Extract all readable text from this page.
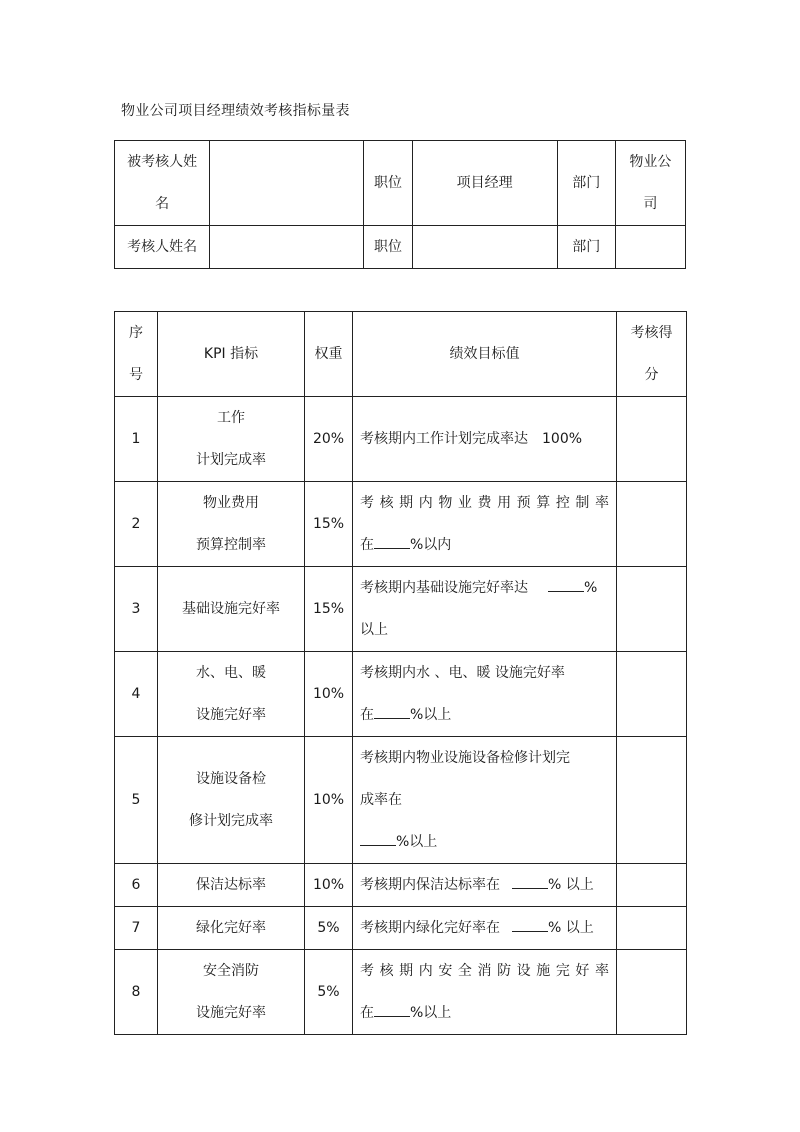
物业公司项目经理绩效考核指标量表
被考核人姓
名		职位	项目经理	部门	物业公
司

考核人姓名		职位		部门	
序
号	KPI 指标	权重	绩效目标值	考核得
分

1	工作
计划完成率	20%	考核期内工作计划完成率达　100%	
2	物业费用
预算控制率	15%	考核期内物业费用预算控制率
在 %以内	

3	基础设施完好率	15%	考核期内基础设施完好率达 %
以上	

4	水、电、暖
设施完好率	10%	考核期内水 、电、暖 设施完好率
在 %以上	

5	设施设备检
修计划完成率	10%	考核期内物业设施设备检修计划完
成率在
%以上	

6	保洁达标率	10%	考核期内保洁达标率在 % 以上	
7	绿化完好率	5%	考核期内绿化完好率在 % 以上	
8	安全消防
设施完好率	5%	考核期内安全消防设施完好率
在 %以上	
